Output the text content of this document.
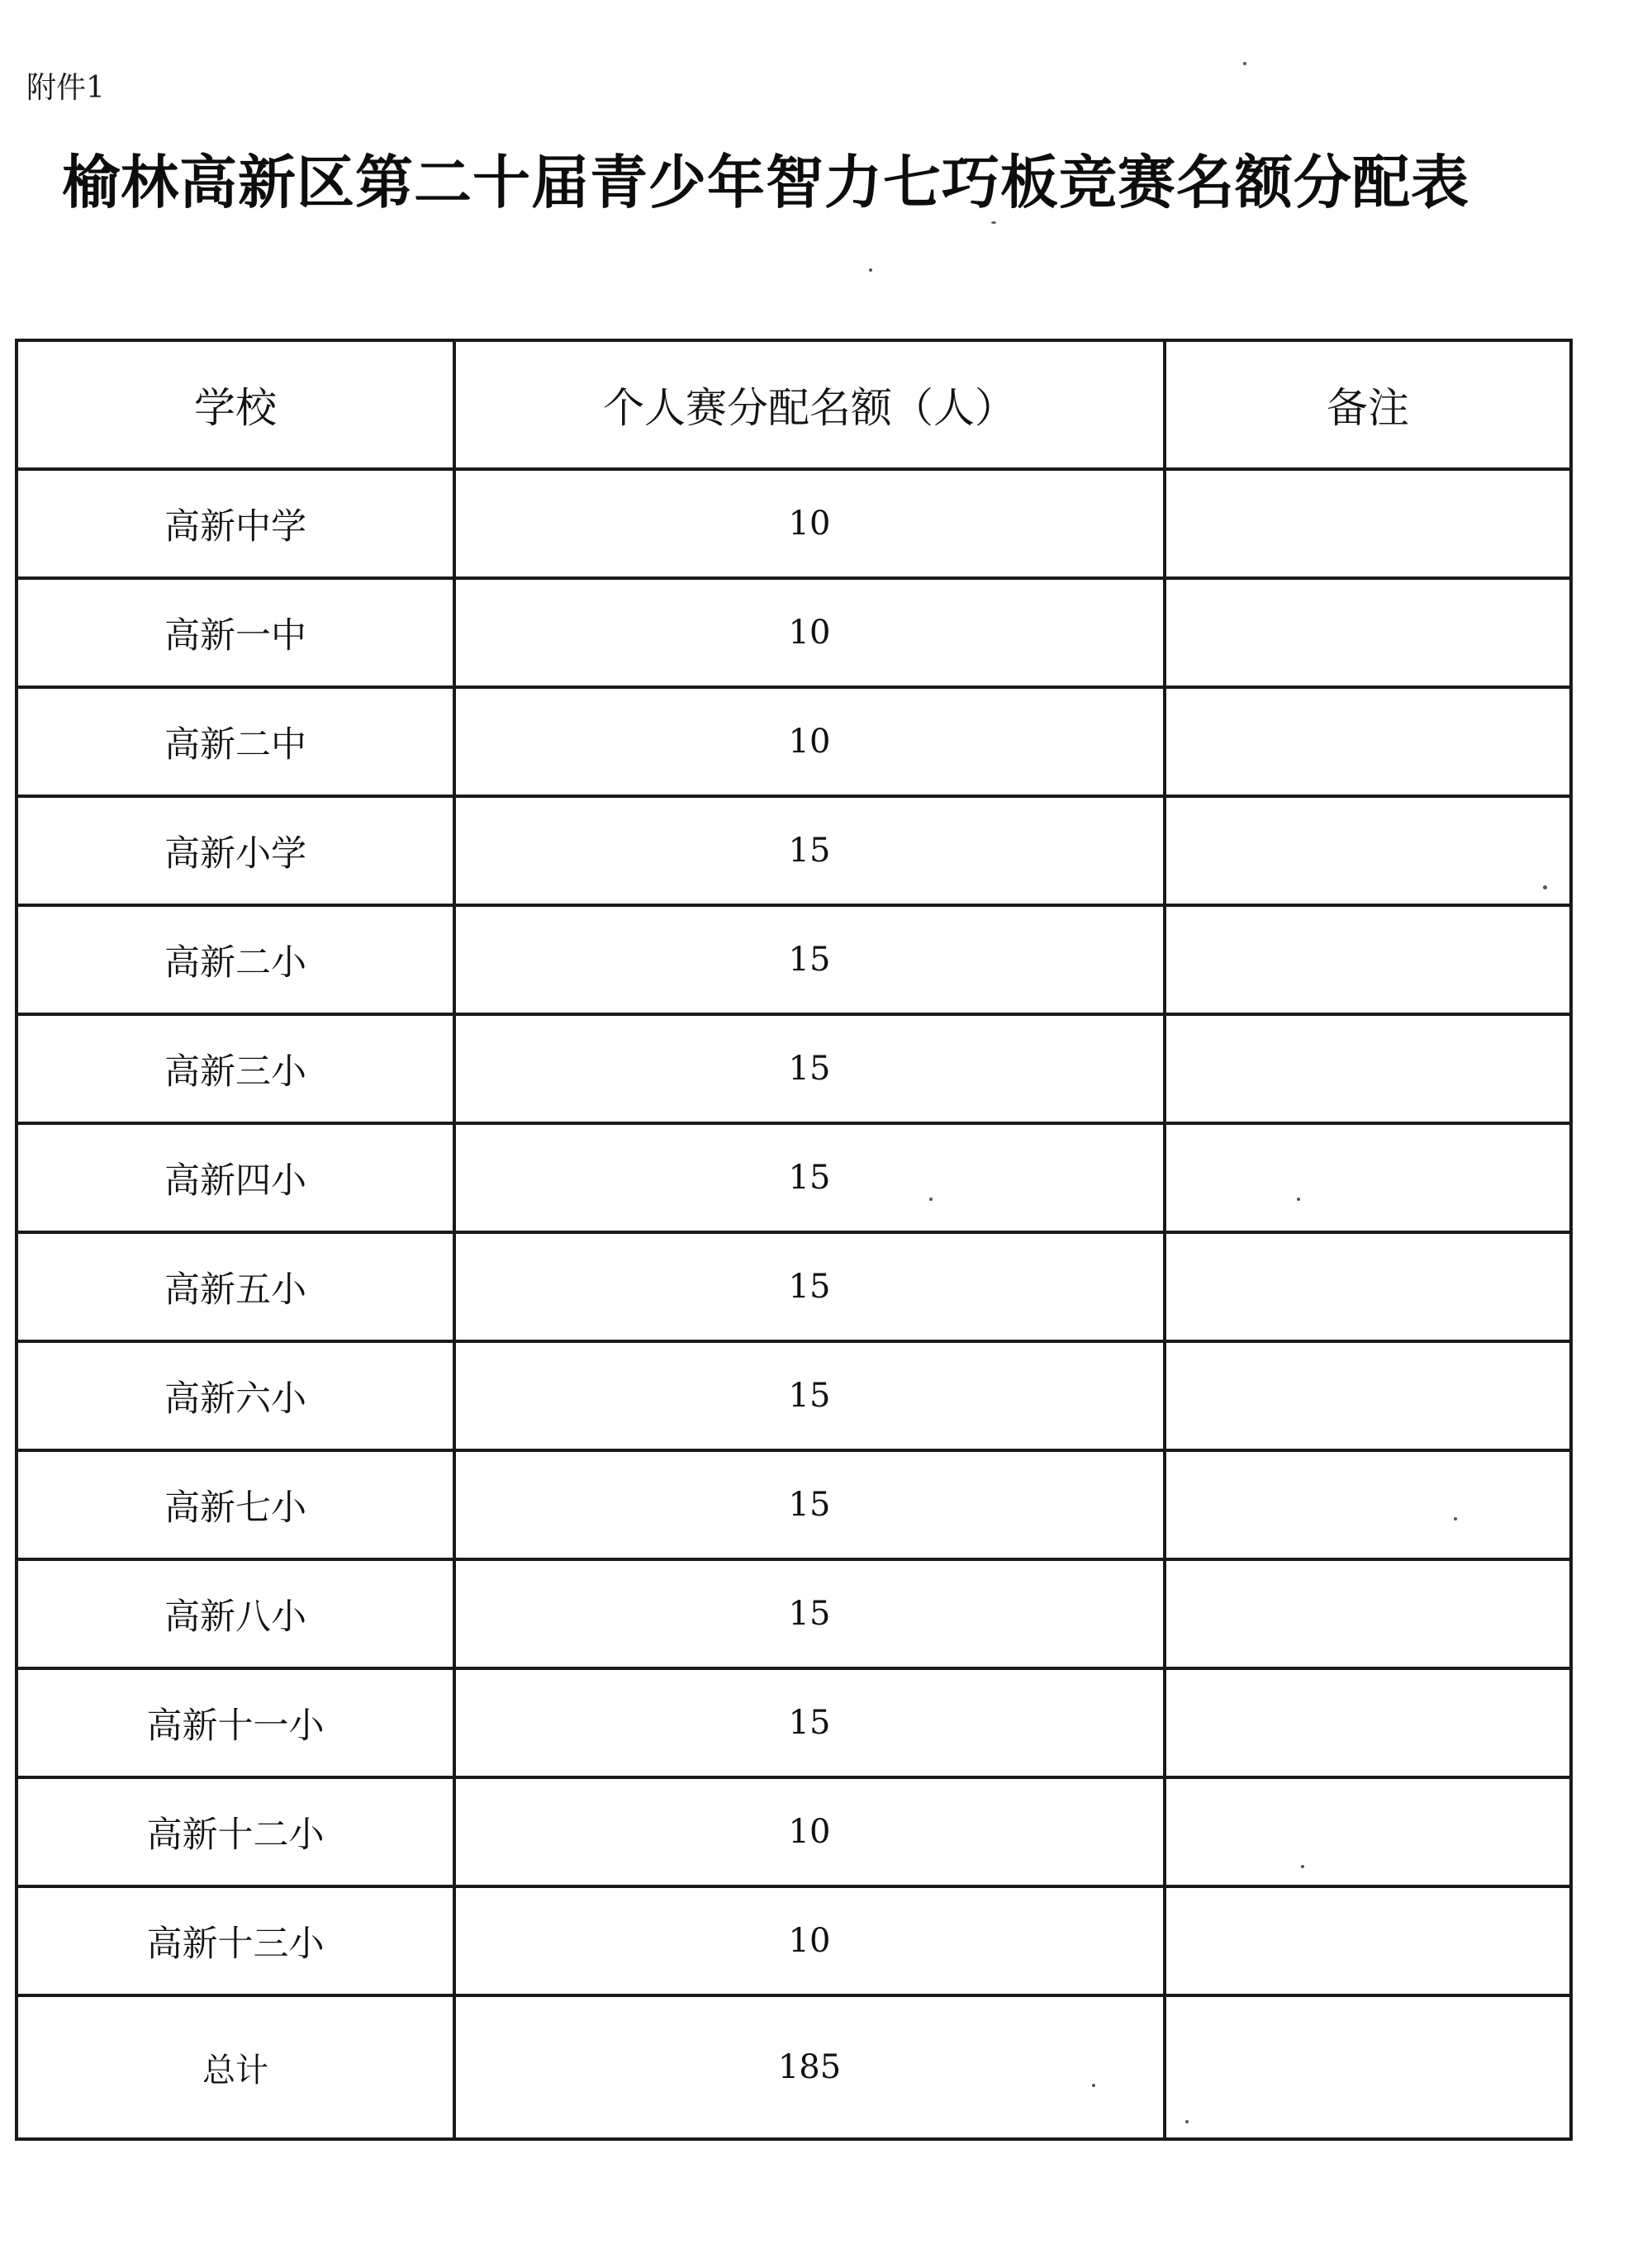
附件1
榆林高新区第二十届青少年智力七巧板竞赛名额分配表
学校	个人赛分配名额（人）	备注
高新中学	10	
高新一中	10	
高新二中	10	
高新小学	15	
高新二小	15	
高新三小	15	
高新四小	15	
高新五小	15	
高新六小	15	
高新七小	15	
高新八小	15	
高新十一小	15	
高新十二小	10	
高新十三小	10	
总计	185	
